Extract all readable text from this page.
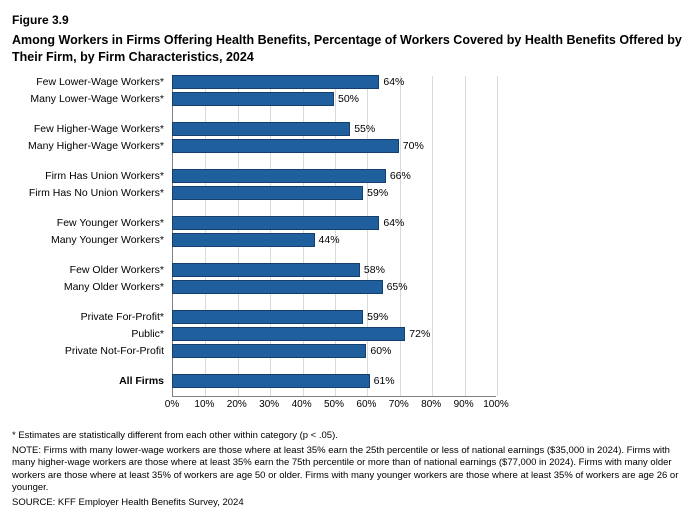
Figure 3.9
Among Workers in Firms Offering Health Benefits, Percentage of Workers Covered by Health Benefits Offered by Their Firm, by Firm Characteristics, 2024
Few Lower-Wage Workers*	64%
Many Lower-Wage Workers*	50%
Few Higher-Wage Workers*	55%
Many Higher-Wage Workers*	70%
Firm Has Union Workers*	66%
Firm Has No Union Workers*	59%
Few Younger Workers*	64%
Many Younger Workers*	44%
Few Older Workers*	58%
Many Older Workers*	65%
Private For-Profit*	59%
Public*	72%
Private Not-For-Profit	60%
All Firms	61%
0% 10% 20% 30% 40% 50% 60% 70% 80% 90% 100%

* Estimates are statistically different from each other within category (p < .05).

NOTE: Firms with many lower-wage workers are those where at least 35% earn the 25th percentile or less of national earnings ($35,000 in 2024). Firms with many higher-wage workers are those where at least 35% earn the 75th percentile or more than of national earnings ($77,000 in 2024). Firms with many older workers are those where at least 35% of workers are age 50 or older. Firms with many younger workers are those where at least 35% of workers are age 26 or younger.

SOURCE: KFF Employer Health Benefits Survey, 2024
